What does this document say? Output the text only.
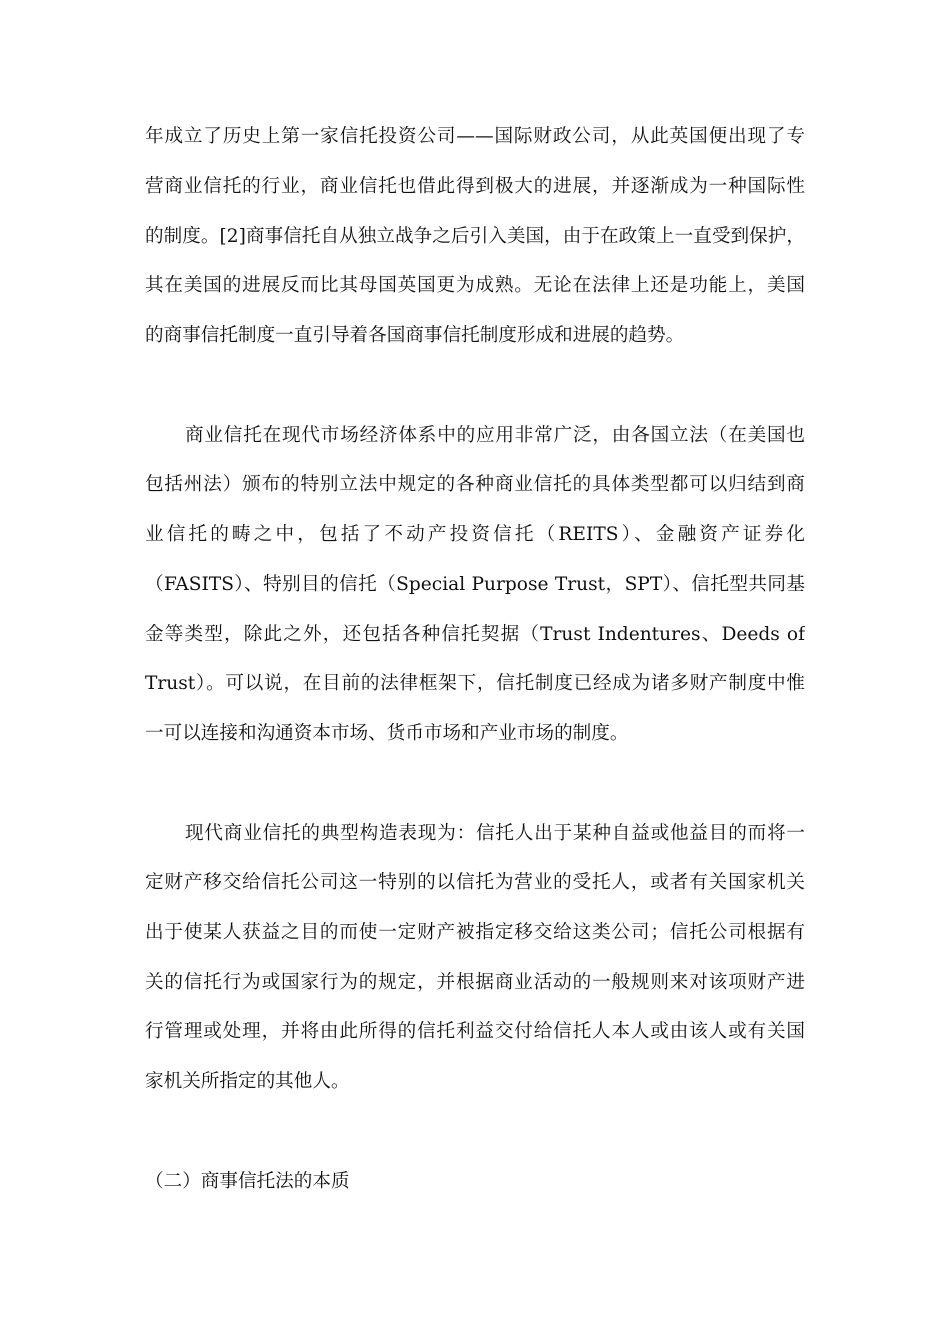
年成立了历史上第一家信托投资公司——国际财政公司，从此英国便出现了专
营商业信托的行业，商业信托也借此得到极大的进展，并逐渐成为一种国际性
的制度。[2]商事信托自从独立战争之后引入美国，由于在政策上一直受到保护，
其在美国的进展反而比其母国英国更为成熟。无论在法律上还是功能上，美国
的商事信托制度一直引导着各国商事信托制度形成和进展的趋势。
商业信托在现代市场经济体系中的应用非常广泛，由各国立法（在美国也
包括州法）颁布的特别立法中规定的各种商业信托的具体类型都可以归结到商
业信托的畴之中，包括了不动产投资信托（REITS）、金融资产证券化
（FASITS）、特别目的信托（Special Purpose Trust，SPT）、信托型共同基
金等类型，除此之外，还包括各种信托契据（Trust Indentures、Deeds of
Trust）。可以说，在目前的法律框架下，信托制度已经成为诸多财产制度中惟
一可以连接和沟通资本市场、货币市场和产业市场的制度。
现代商业信托的典型构造表现为：信托人出于某种自益或他益目的而将一
定财产移交给信托公司这一特别的以信托为营业的受托人，或者有关国家机关
出于使某人获益之目的而使一定财产被指定移交给这类公司；信托公司根据有
关的信托行为或国家行为的规定，并根据商业活动的一般规则来对该项财产进
行管理或处理，并将由此所得的信托利益交付给信托人本人或由该人或有关国
家机关所指定的其他人。
（二）商事信托法的本质
